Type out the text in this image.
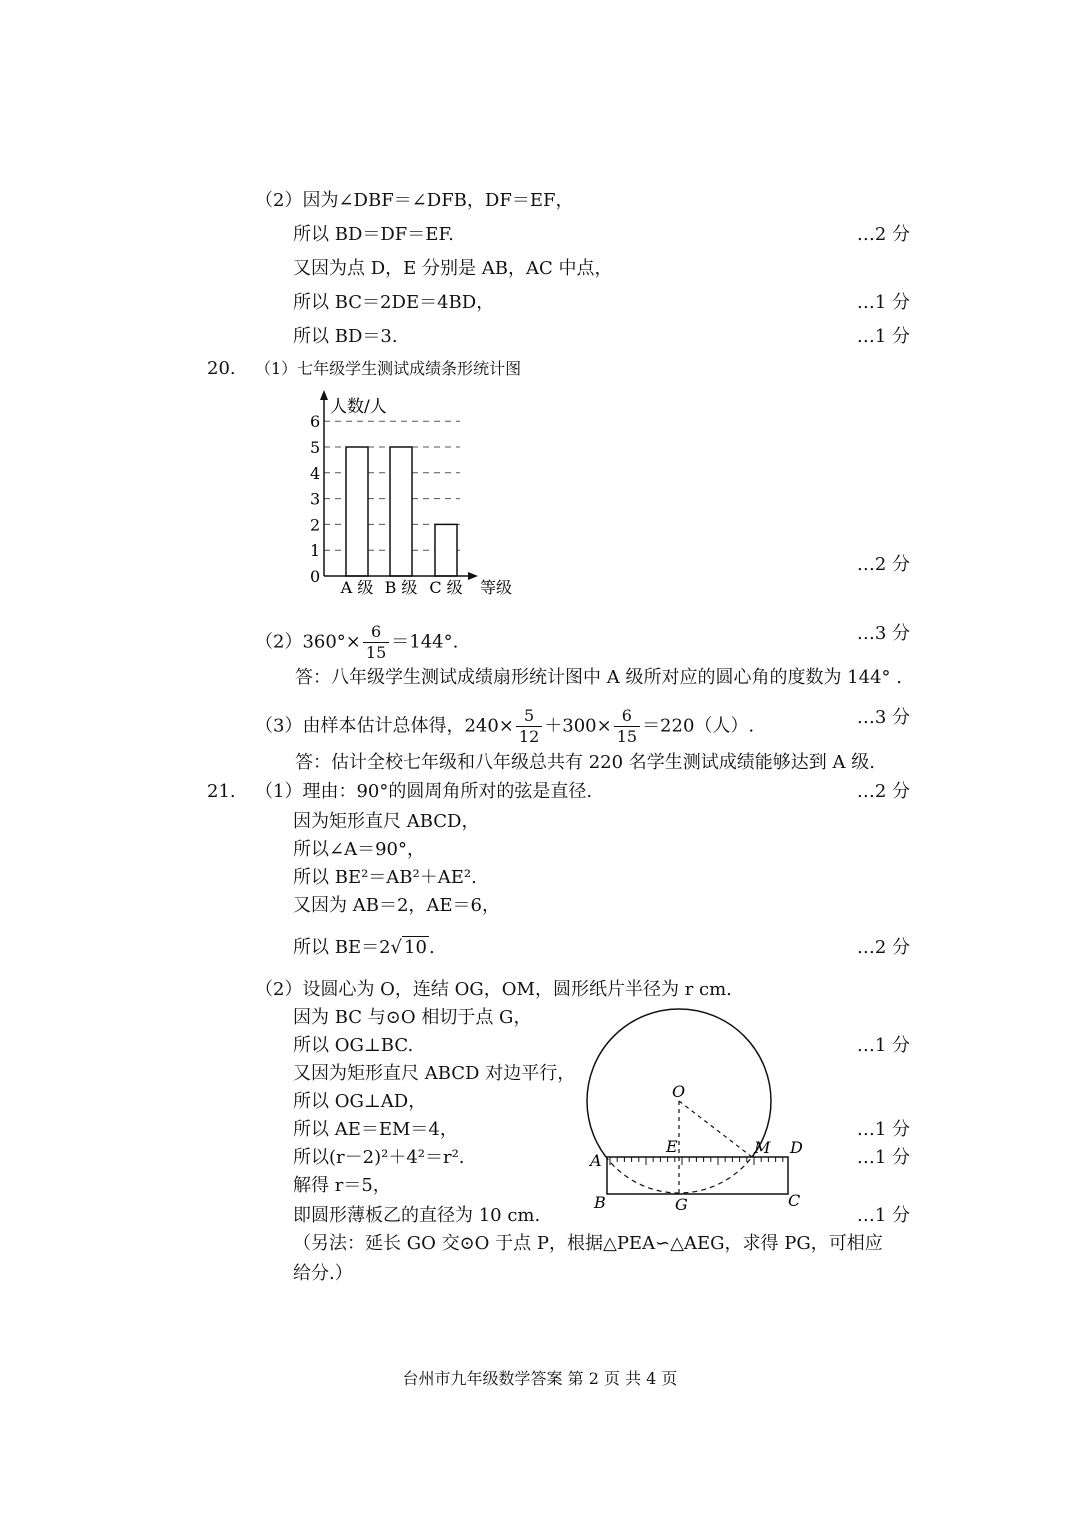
（2）因为∠DBF＝∠DFB，DF＝EF，
所以 BD＝DF＝EF.	…2 分
又因为点 D，E 分别是 AB，AC 中点，
所以 BC＝2DE＝4BD，	…1 分
所以 BD＝3.	…1 分
20. （1）七年级学生测试成绩条形统计图
0
1
2
3
4
5
6
A 级 B 级 C 级
人数/人
等级
…2 分
$(2)360^\circ\times \frac{6}{15} =144^\circ$.	…3 分
答：八年级学生测试成绩扇形统计图中 A 级所对应的圆心角的度数为 144° .
（3）由样本估计总体得，$240\times \frac{5}{12} +300\times \frac{6}{15} =220$（人）.	…3 分
答：估计全校七年级和八年级总共有 220 名学生测试成绩能够达到 A 级.
21. （1）理由：90°的圆周角所对的弦是直径.	…2 分
因为矩形直尺 ABCD，
所以∠A＝90°，
所以 BE²＝AB²＋AE².
又因为 AB＝2，AE＝6，
所以 BE＝2√ 10 .	…2 分
（2）设圆心为 O，连结 OG，OM，圆形纸片半径为 r cm.
因为 BC 与⊙O 相切于点 G，
所以 OG⊥BC.	…1 分
又因为矩形直尺 ABCD 对边平行，
所以 OG⊥AD，
所以 AE＝EM＝4，	…1 分
所以(r－2)²＋4²＝r².	…1 分
解得 r＝5，
即圆形薄板乙的直径为 10 cm.	…1 分
（另法：延长 GO 交⊙O 于点 P，根据△PEA∽△AEG，求得 PG，可相应
给分.）
O
E	M D
A
B	G	C
台州市九年级数学答案 第 2 页 共 4 页
